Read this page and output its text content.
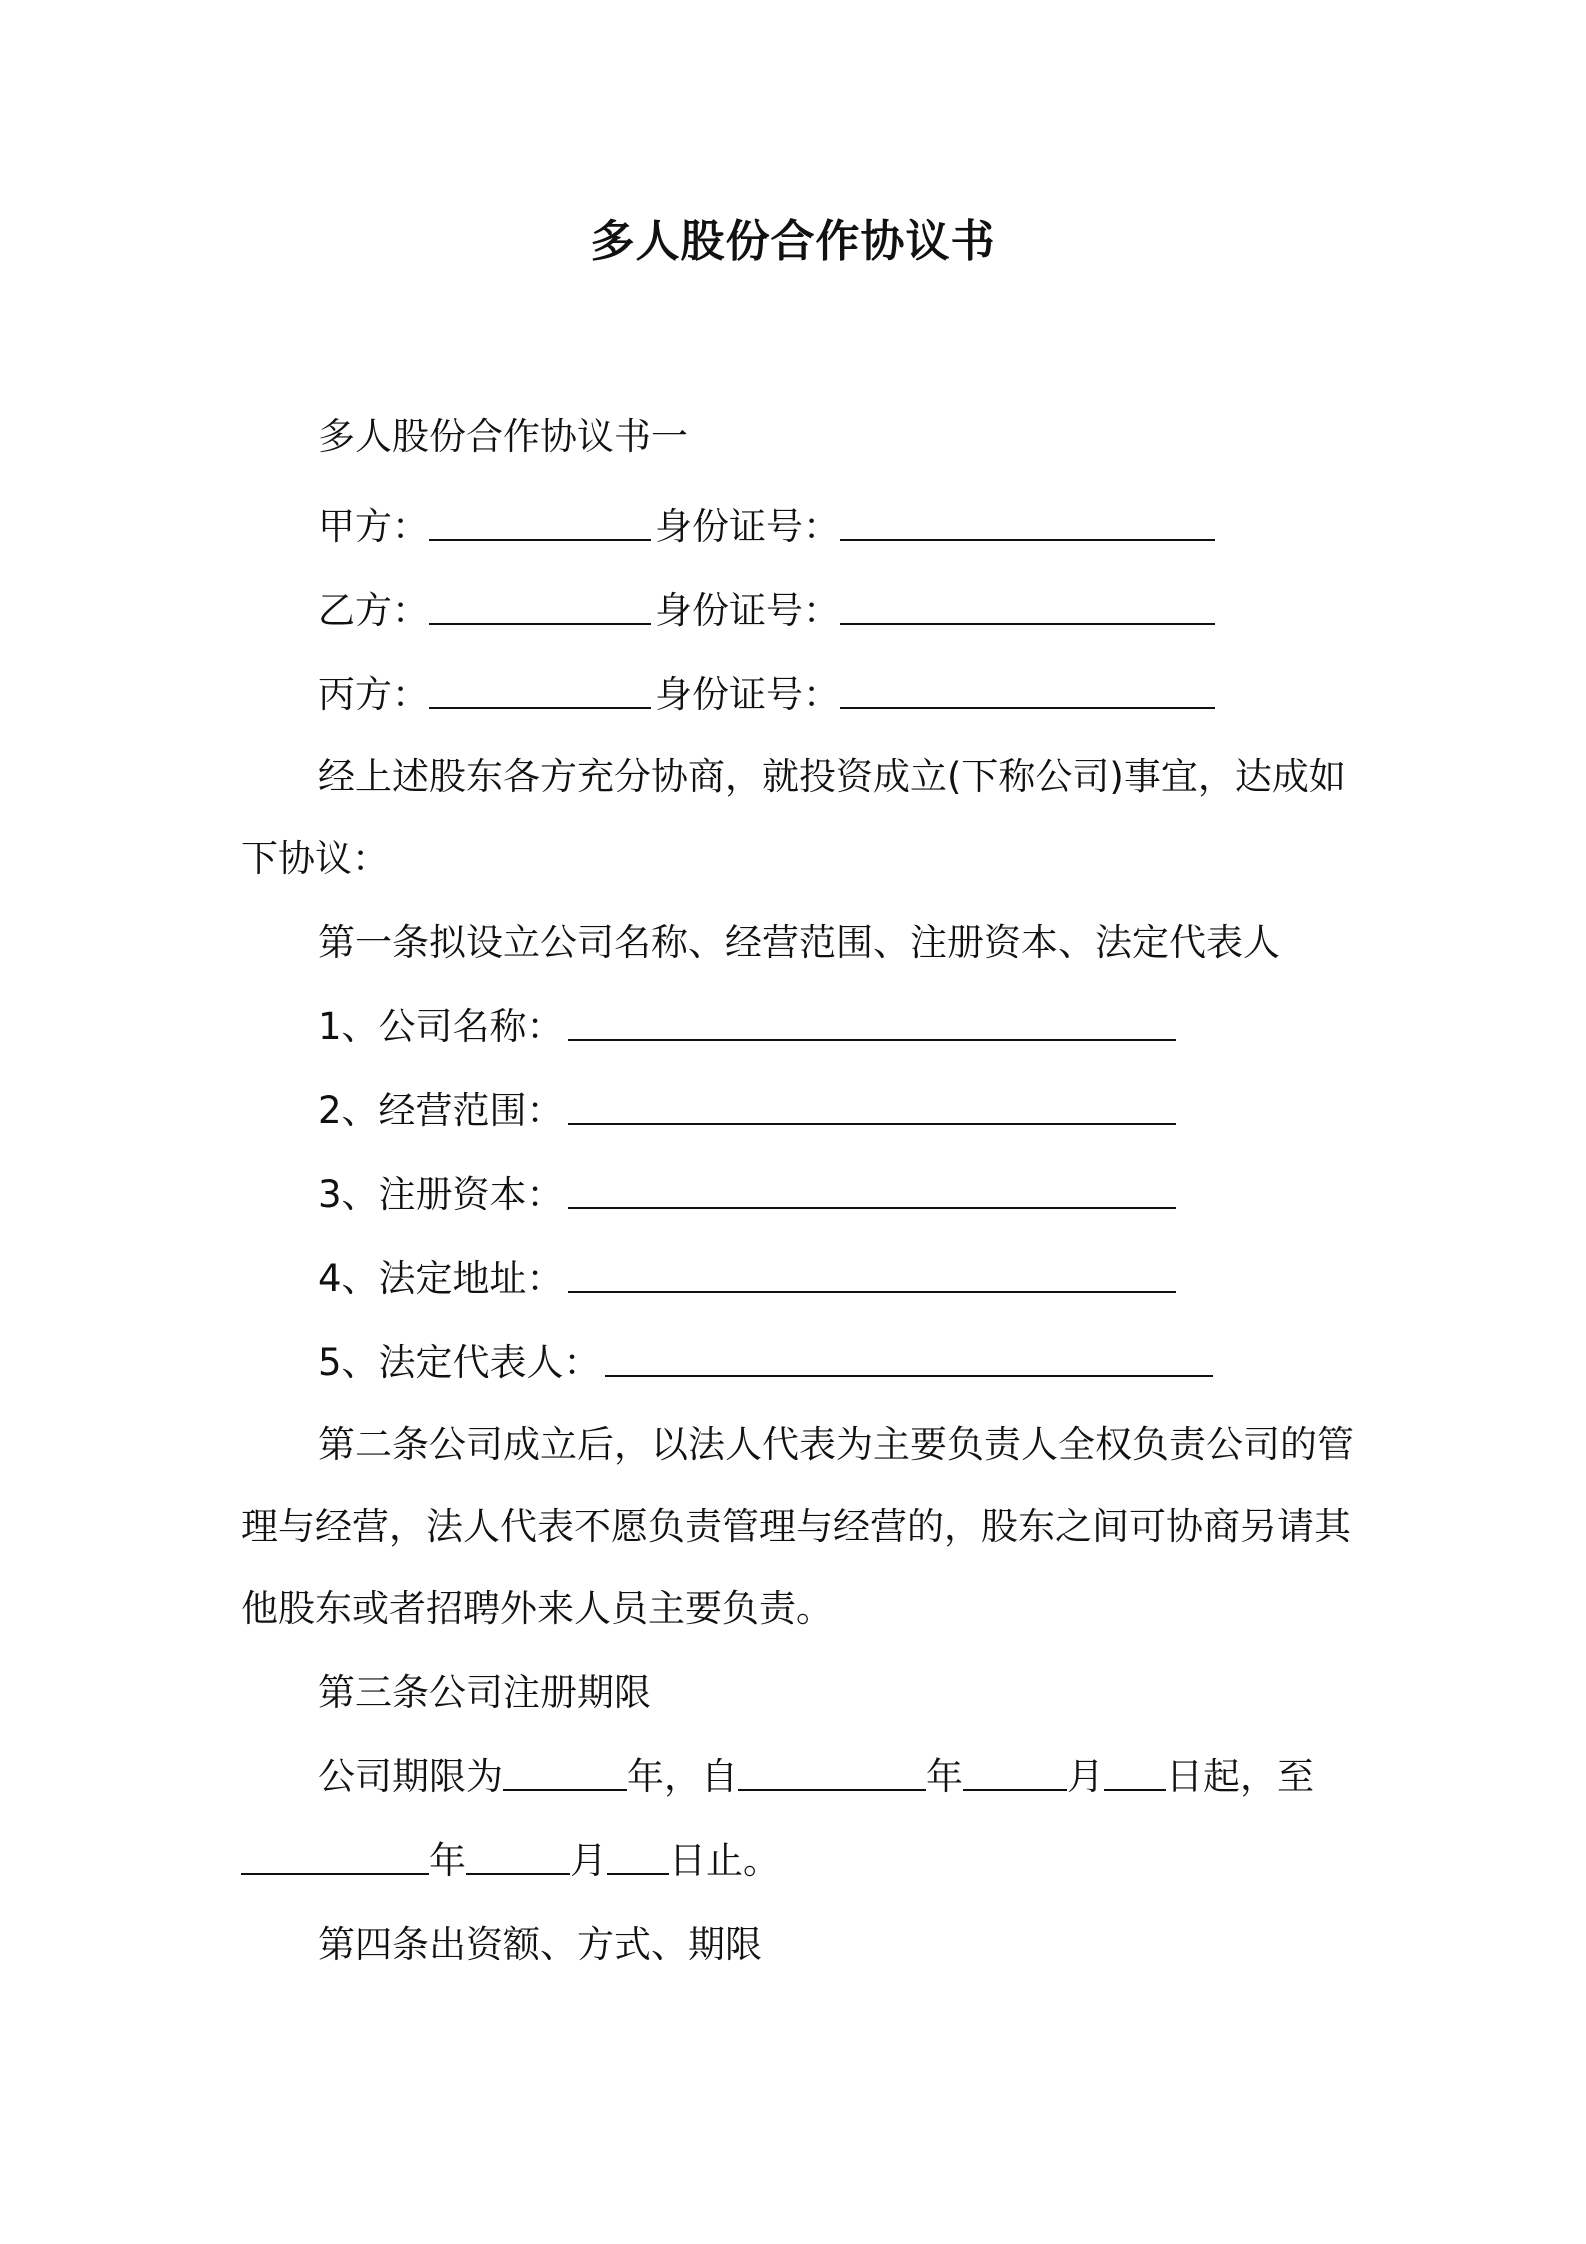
多人股份合作协议书
多人股份合作协议书一
甲方：	身份证号：
乙方：	身份证号：
丙方：	身份证号：
经上述股东各方充分协商，就投资成立(下称公司)事宜，达成如
下协议：
第一条拟设立公司名称、经营范围、注册资本、法定代表人
1、公司名称：
2、经营范围：
3、注册资本：
4、法定地址：
5、法定代表人：
第二条公司成立后，以法人代表为主要负责人全权负责公司的管
理与经营，法人代表不愿负责管理与经营的，股东之间可协商另请其
他股东或者招聘外来人员主要负责。
第三条公司注册期限
公司期限为	年，自	年	月 日起，至
年	月 日止。
第四条出资额、方式、期限
